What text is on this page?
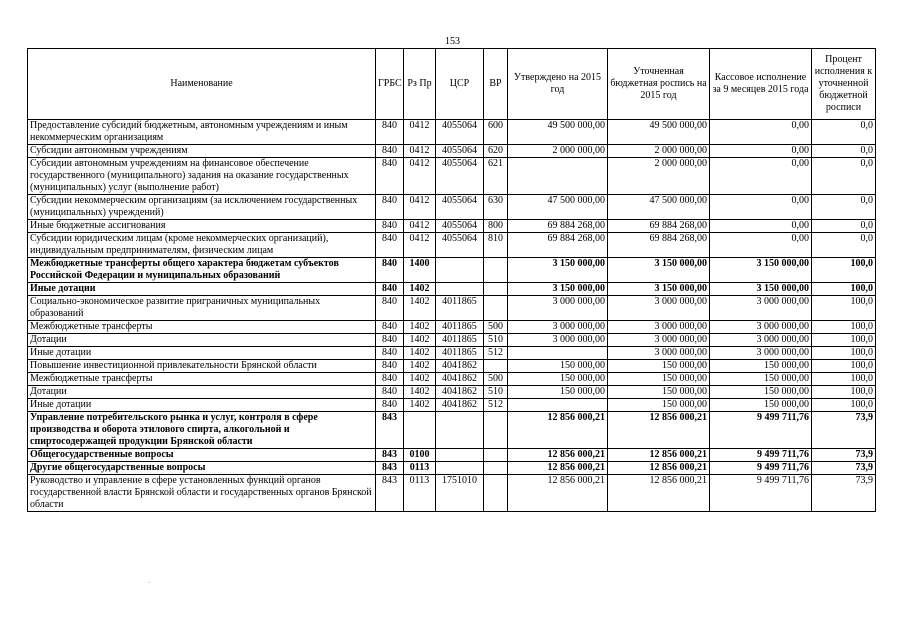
153
Наименование	ГРБС	Рз Пр	ЦСР	ВР	Утверждено на 2015 год	Уточненная бюджетная роспись на 2015 год	Кассовое исполнение за 9 месяцев 2015 года	Процент исполнения к уточненной бюджетной росписи
Предоставление субсидий бюджетным, автономным учреждениям и иным некоммерческим организациям	840	0412	4055064	600	49 500 000,00	49 500 000,00	0,00	0,0
Субсидии автономным учреждениям	840	0412	4055064	620	2 000 000,00	2 000 000,00	0,00	0,0
Субсидии автономным учреждениям на финансовое обеспечение государственного (муниципального) задания на оказание государственных (муниципальных) услуг (выполнение работ)	840	0412	4055064	621		2 000 000,00	0,00	0,0
Субсидии некоммерческим организациям (за исключением государственных (муниципальных) учреждений)	840	0412	4055064	630	47 500 000,00	47 500 000,00	0,00	0,0
Иные бюджетные ассигнования	840	0412	4055064	800	69 884 268,00	69 884 268,00	0,00	0,0
Субсидии юридическим лицам (кроме некоммерческих организаций), индивидуальным предпринимателям, физическим лицам	840	0412	4055064	810	69 884 268,00	69 884 268,00	0,00	0,0
Межбюджетные трансферты общего характера бюджетам субъектов Российской Федерации и муниципальных образований	840	1400			3 150 000,00	3 150 000,00	3 150 000,00	100,0
Иные дотации	840	1402			3 150 000,00	3 150 000,00	3 150 000,00	100,0
Социально-экономическое развитие приграничных муниципальных образований	840	1402	4011865		3 000 000,00	3 000 000,00	3 000 000,00	100,0
Межбюджетные трансферты	840	1402	4011865	500	3 000 000,00	3 000 000,00	3 000 000,00	100,0
Дотации	840	1402	4011865	510	3 000 000,00	3 000 000,00	3 000 000,00	100,0
Иные дотации	840	1402	4011865	512		3 000 000,00	3 000 000,00	100,0
Повышение инвестиционной привлекательности Брянской области	840	1402	4041862		150 000,00	150 000,00	150 000,00	100,0
Межбюджетные трансферты	840	1402	4041862	500	150 000,00	150 000,00	150 000,00	100,0
Дотации	840	1402	4041862	510	150 000,00	150 000,00	150 000,00	100,0
Иные дотации	840	1402	4041862	512		150 000,00	150 000,00	100,0
Управление потребительского рынка и услуг, контроля в сфере производства и оборота этилового спирта, алкогольной и спиртосодержащей продукции Брянской области	843				12 856 000,21	12 856 000,21	9 499 711,76	73,9
Общегосударственные вопросы	843	0100			12 856 000,21	12 856 000,21	9 499 711,76	73,9
Другие общегосударственные вопросы	843	0113			12 856 000,21	12 856 000,21	9 499 711,76	73,9
Руководство и управление в сфере установленных функций органов государственной власти Брянской области и государственных органов Брянской области	843	0113	1751010		12 856 000,21	12 856 000,21	9 499 711,76	73,9
·
